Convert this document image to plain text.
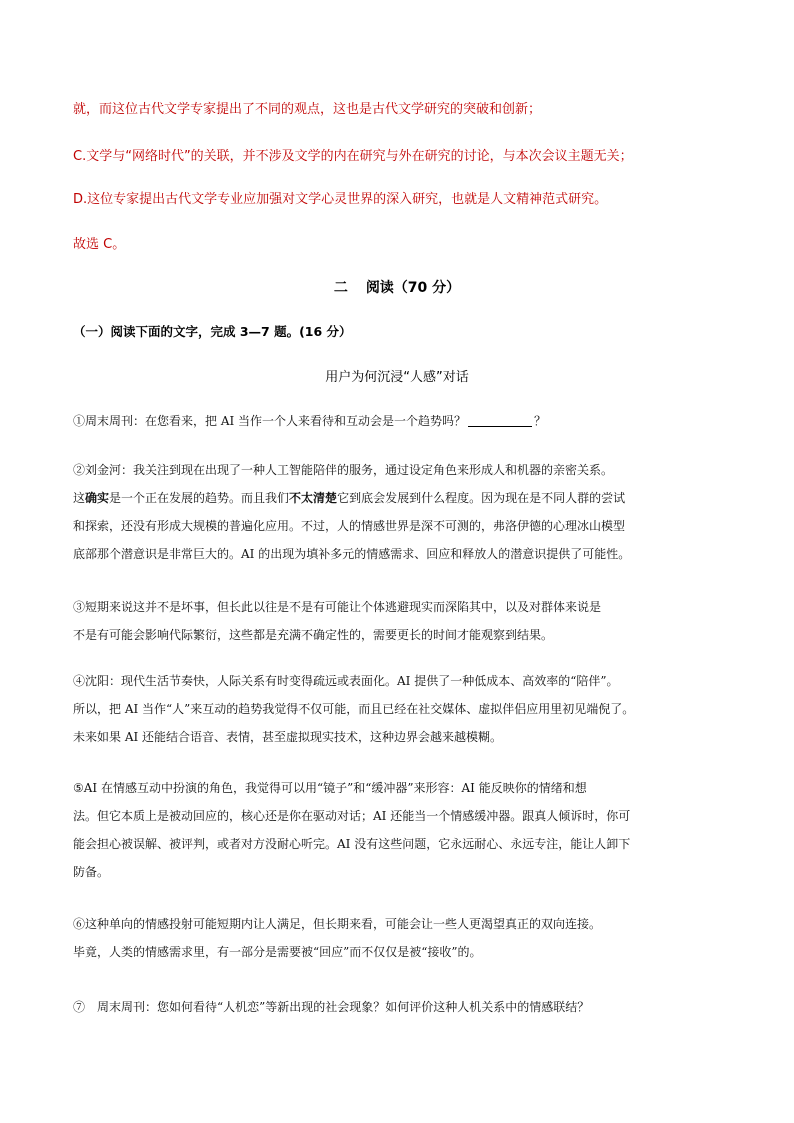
就，而这位古代文学专家提出了不同的观点，这也是古代文学研究的突破和创新；
C.文学与“网络时代”的关联，并不涉及文学的内在研究与外在研究的讨论，与本次会议主题无关；
D.这位专家提出古代文学专业应加强对文学心灵世界的深入研究，也就是人文精神范式研究。
故选 C。
二 阅读（70 分）
（一）阅读下面的文字，完成 3—7 题。(16 分）
用户为何沉浸“人感”对话

①周末周刊：在您看来，把 AI 当作一个人来看待和互动会是一个趋势吗？	？

②刘金河：我关注到现在出现了一种人工智能陪伴的服务，通过设定角色来形成人和机器的亲密关系。

这确实是一个正在发展的趋势。而且我们不太清楚它到底会发展到什么程度。因为现在是不同人群的尝试

和探索，还没有形成大规模的普遍化应用。不过，人的情感世界是深不可测的，弗洛伊德的心理冰山模型

底部那个潜意识是非常巨大的。AI 的出现为填补多元的情感需求、回应和释放人的潜意识提供了可能性。

③短期来说这并不是坏事，但长此以往是不是有可能让个体逃避现实而深陷其中，以及对群体来说是

不是有可能会影响代际繁衍，这些都是充满不确定性的，需要更长的时间才能观察到结果。

④沈阳：现代生活节奏快，人际关系有时变得疏远或表面化。AI 提供了一种低成本、高效率的“陪伴”。

所以，把 AI 当作“人”来互动的趋势我觉得不仅可能，而且已经在社交媒体、虚拟伴侣应用里初见端倪了。

未来如果 AI 还能结合语音、表情，甚至虚拟现实技术，这种边界会越来越模糊。

⑤AI 在情感互动中扮演的角色，我觉得可以用“镜子”和“缓冲器”来形容：AI 能反映你的情绪和想

法。但它本质上是被动回应的，核心还是你在驱动对话；AI 还能当一个情感缓冲器。跟真人倾诉时，你可

能会担心被误解、被评判，或者对方没耐心听完。AI 没有这些问题，它永远耐心、永远专注，能让人卸下

防备。

⑥这种单向的情感投射可能短期内让人满足，但长期来看，可能会让一些人更渴望真正的双向连接。

毕竟，人类的情感需求里，有一部分是需要被“回应”而不仅仅是被“接收”的。

⑦　周末周刊：您如何看待“人机恋”等新出现的社会现象？如何评价这种人机关系中的情感联结？
